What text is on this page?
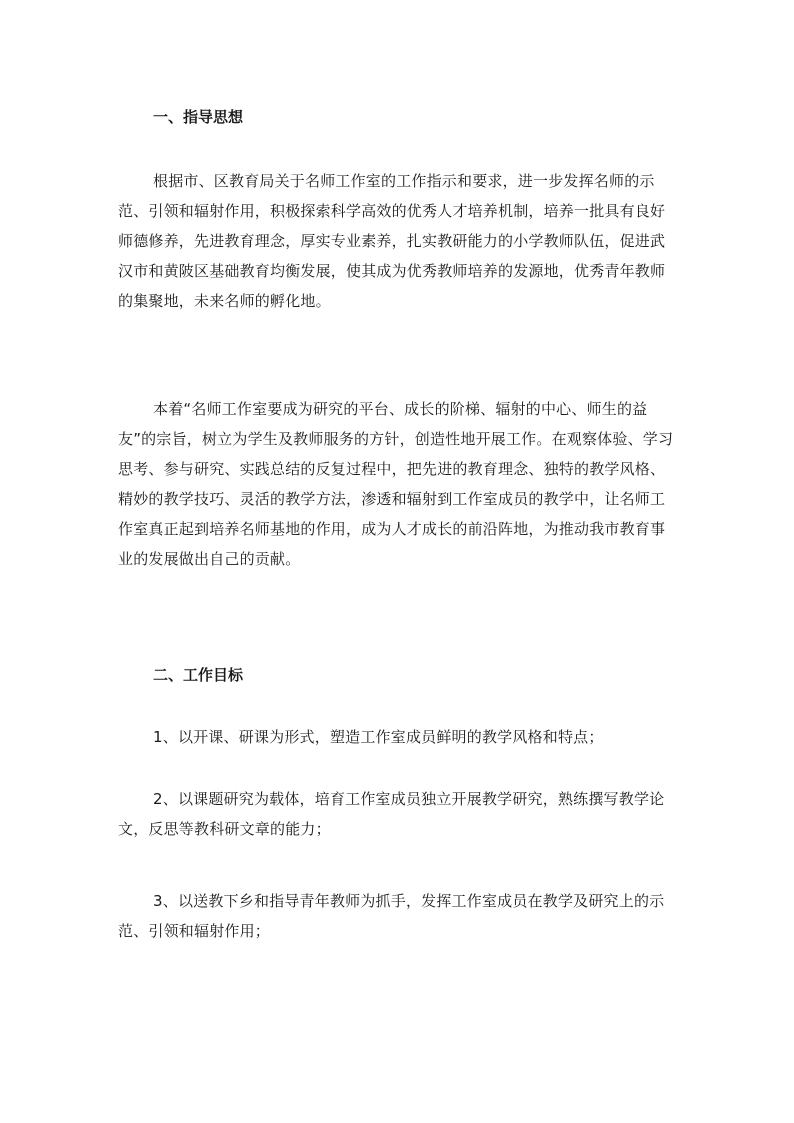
一、指导思想
根据市、区教育局关于名师工作室的工作指示和要求，进一步发挥名师的示范、引领和辐射作用，积极探索科学高效的优秀人才培养机制，培养一批具有良好师德修养，先进教育理念，厚实专业素养，扎实教研能力的小学教师队伍，促进武汉市和黄陂区基础教育均衡发展，使其成为优秀教师培养的发源地，优秀青年教师的集聚地，未来名师的孵化地。
本着“名师工作室要成为研究的平台、成长的阶梯、辐射的中心、师生的益友”的宗旨，树立为学生及教师服务的方针，创造性地开展工作。在观察体验、学习思考、参与研究、实践总结的反复过程中，把先进的教育理念、独特的教学风格、精妙的教学技巧、灵活的教学方法，渗透和辐射到工作室成员的教学中，让名师工作室真正起到培养名师基地的作用，成为人才成长的前沿阵地，为推动我市教育事业的发展做出自己的贡献。
二、工作目标
1、以开课、研课为形式，塑造工作室成员鲜明的教学风格和特点；
2、以课题研究为载体，培育工作室成员独立开展教学研究，熟练撰写教学论文，反思等教科研文章的能力；
3、以送教下乡和指导青年教师为抓手，发挥工作室成员在教学及研究上的示范、引领和辐射作用；
